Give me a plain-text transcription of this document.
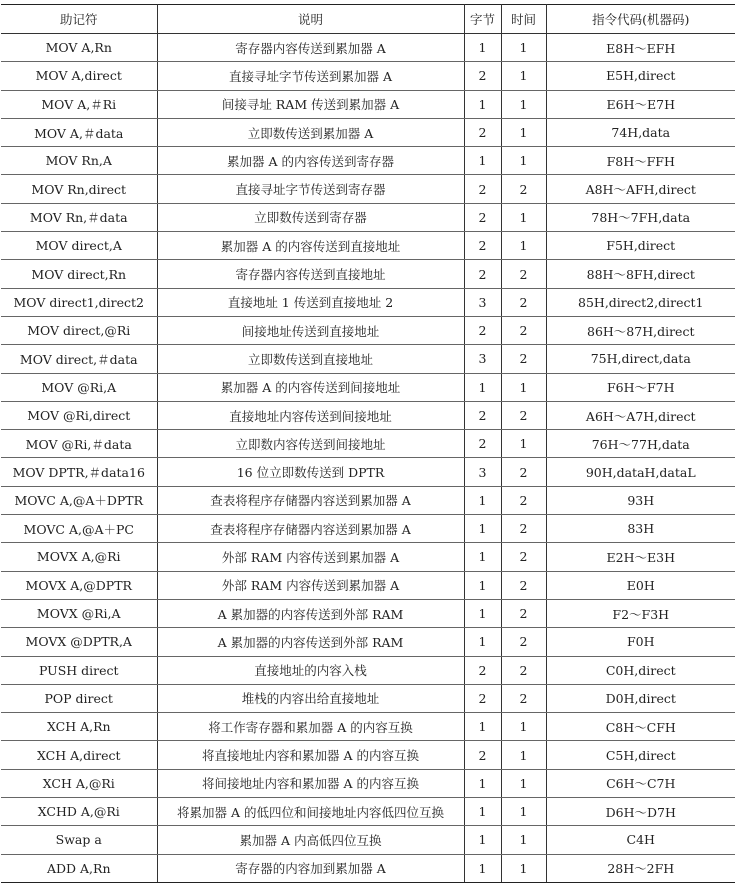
助记符	说明	字节	时间	指令代码(机器码)
MOV A,Rn	寄存器内容传送到累加器 A	1	1	E8H～EFH
MOV A,direct	直接寻址字节传送到累加器 A	2	1	E5H,direct
MOV A,＃Ri	间接寻址 RAM 传送到累加器 A	1	1	E6H～E7H
MOV A,＃data	立即数传送到累加器 A	2	1	74H,data
MOV Rn,A	累加器 A 的内容传送到寄存器	1	1	F8H～FFH
MOV Rn,direct	直接寻址字节传送到寄存器	2	2	A8H～AFH,direct
MOV Rn,＃data	立即数传送到寄存器	2	1	78H～7FH,data
MOV direct,A	累加器 A 的内容传送到直接地址	2	1	F5H,direct
MOV direct,Rn	寄存器内容传送到直接地址	2	2	88H～8FH,direct
MOV direct1,direct2	直接地址 1 传送到直接地址 2	3	2	85H,direct2,direct1
MOV direct,@Ri	间接地址传送到直接地址	2	2	86H～87H,direct
MOV direct,＃data	立即数传送到直接地址	3	2	75H,direct,data
MOV @Ri,A	累加器 A 的内容传送到间接地址	1	1	F6H～F7H
MOV @Ri,direct	直接地址内容传送到间接地址	2	2	A6H～A7H,direct
MOV @Ri,＃data	立即数内容传送到间接地址	2	1	76H～77H,data
MOV DPTR,＃data16	16 位立即数传送到 DPTR	3	2	90H,dataH,dataL
MOVC A,@A＋DPTR	查表将程序存储器内容送到累加器 A	1	2	93H
MOVC A,@A＋PC	查表将程序存储器内容送到累加器 A	1	2	83H
MOVX A,@Ri	外部 RAM 内容传送到累加器 A	1	2	E2H～E3H
MOVX A,@DPTR	外部 RAM 内容传送到累加器 A	1	2	E0H
MOVX @Ri,A	A 累加器的内容传送到外部 RAM	1	2	F2～F3H
MOVX @DPTR,A	A 累加器的内容传送到外部 RAM	1	2	F0H
PUSH direct	直接地址的内容入栈	2	2	C0H,direct
POP direct	堆栈的内容出给直接地址	2	2	D0H,direct
XCH A,Rn	将工作寄存器和累加器 A 的内容互换	1	1	C8H～CFH
XCH A,direct	将直接地址内容和累加器 A 的内容互换	2	1	C5H,direct
XCH A,@Ri	将间接地址内容和累加器 A 的内容互换	1	1	C6H～C7H
XCHD A,@Ri	将累加器 A 的低四位和间接地址内容低四位互换	1	1	D6H～D7H
Swap a	累加器 A 内高低四位互换	1	1	C4H
ADD A,Rn	寄存器的内容加到累加器 A	1	1	28H～2FH
